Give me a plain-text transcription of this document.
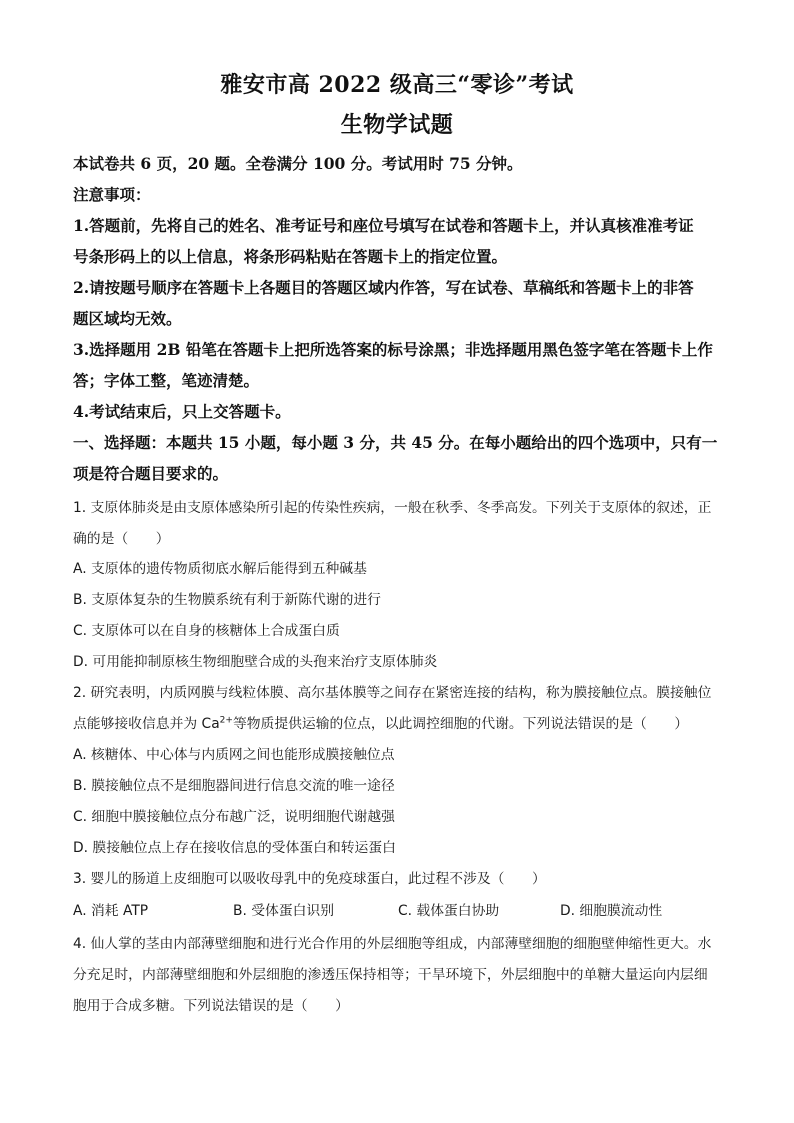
雅安市高 2022 级高三“零诊”考试
生物学试题
本试卷共 6 页，20 题。全卷满分 100 分。考试用时 75 分钟。
注意事项：
1.答题前，先将自己的姓名、准考证号和座位号填写在试卷和答题卡上，并认真核准准考证
号条形码上的以上信息，将条形码粘贴在答题卡上的指定位置。
2.请按题号顺序在答题卡上各题目的答题区域内作答，写在试卷、草稿纸和答题卡上的非答
题区域均无效。
3.选择题用 2B 铅笔在答题卡上把所选答案的标号涂黑；非选择题用黑色签字笔在答题卡上作
答；字体工整，笔迹清楚。
4.考试结束后，只上交答题卡。
一、选择题：本题共 15 小题，每小题 3 分，共 45 分。在每小题给出的四个选项中，只有一
项是符合题目要求的。
1. 支原体肺炎是由支原体感染所引起的传染性疾病，一般在秋季、冬季高发。下列关于支原体的叙述，正
确的是（　　）
A. 支原体的遗传物质彻底水解后能得到五种碱基
B. 支原体复杂的生物膜系统有利于新陈代谢的进行
C. 支原体可以在自身的核糖体上合成蛋白质
D. 可用能抑制原核生物细胞壁合成的头孢来治疗支原体肺炎
2. 研究表明，内质网膜与线粒体膜、高尔基体膜等之间存在紧密连接的结构，称为膜接触位点。膜接触位
点能够接收信息并为 $Ca^{2+}$等物质提供运输的位点，以此调控细胞的代谢。下列说法错误的是（　　）
A. 核糖体、中心体与内质网之间也能形成膜接触位点
B. 膜接触位点不是细胞器间进行信息交流的唯一途径
C. 细胞中膜接触位点分布越广泛，说明细胞代谢越强
D. 膜接触位点上存在接收信息的受体蛋白和转运蛋白
3. 婴儿的肠道上皮细胞可以吸收母乳中的免疫球蛋白，此过程不涉及（　　）
A. 消耗 ATP	B. 受体蛋白识别	C. 载体蛋白协助	D. 细胞膜流动性
4. 仙人掌的茎由内部薄壁细胞和进行光合作用的外层细胞等组成，内部薄壁细胞的细胞壁伸缩性更大。水
分充足时，内部薄壁细胞和外层细胞的渗透压保持相等；干旱环境下，外层细胞中的单糖大量运向内层细
胞用于合成多糖。下列说法错误的是（　　）
